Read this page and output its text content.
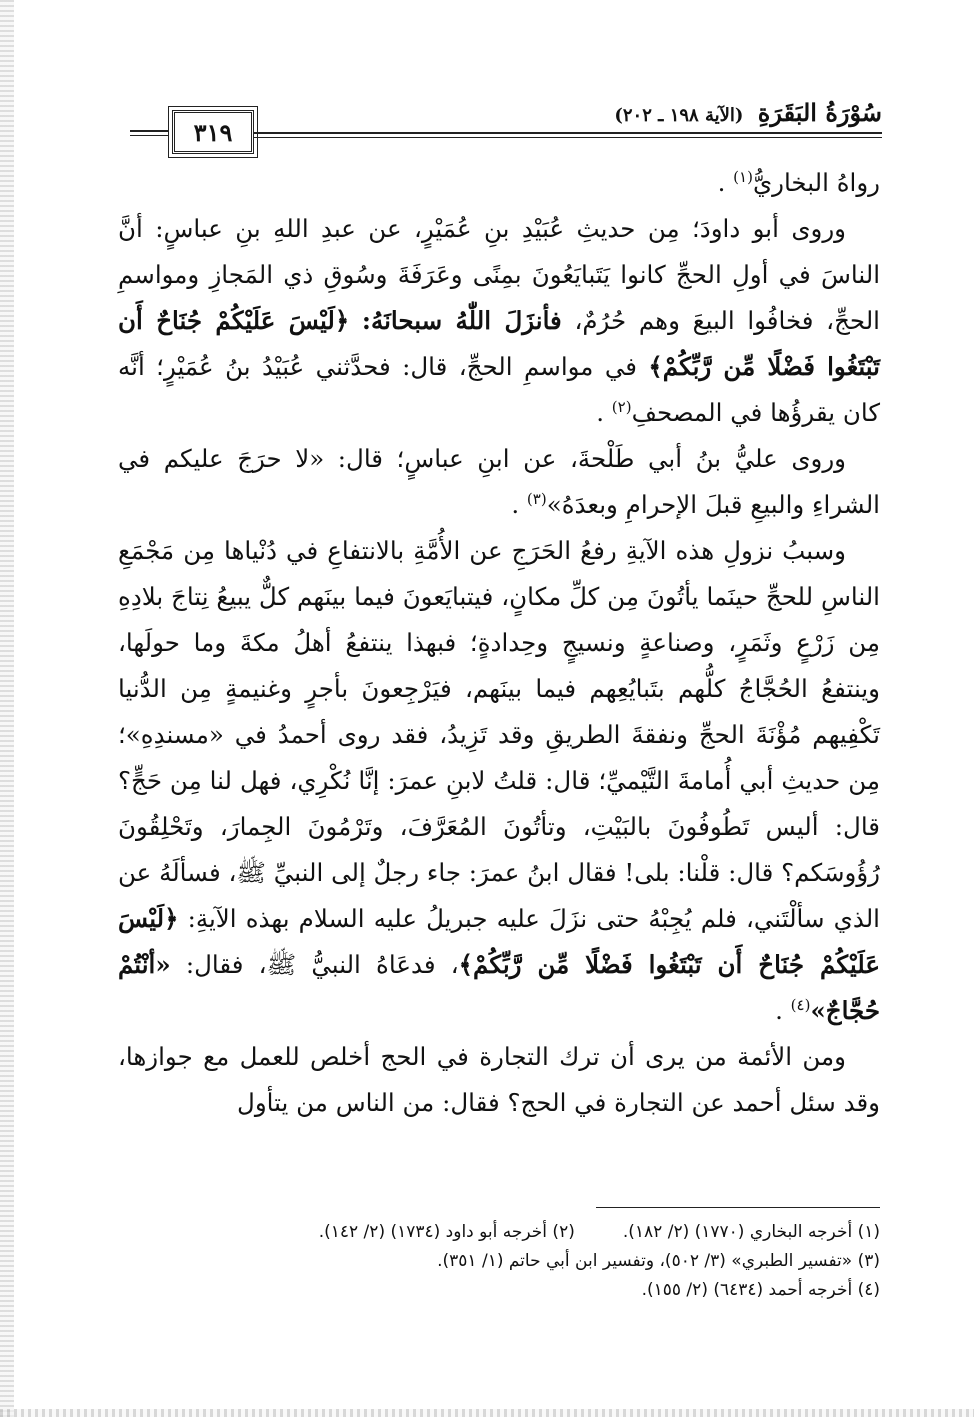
سُوْرَةُ البَقَرَةِ (الآية ١٩٨ ـ ٢٠٢)
٣١٩

رواهُ البخاريُّ$^{(١)}$ .

وروى أبو داودَ؛ مِن حديثِ عُبَيْدِ بنِ عُمَيْرٍ، عن عبدِ اللهِ بنِ عباسٍ: أنَّ الناسَ في أولِ الحجِّ كانوا يَتَبايَعُونَ بمِنًى وعَرَفَةَ وسُوقِ ذي المَجازِ ومواسمِ الحجِّ، فخافُوا البيعَ وهم حُرُمٌ، فأنزَلَ اللّٰهُ سبحانَهُ: ﴿لَيْسَ عَلَيْكُمْ جُنَاحٌ أَن تَبْتَغُوا فَضْلًا مِّن رَّبِّكُمْ﴾ في مواسمِ الحجِّ، قال: فحدَّثني عُبَيْدُ بنُ عُمَيْرٍ؛ أنَّه كان يقرؤُها في المصحفِ$^{(٢)}$ .

وروى عليُّ بنُ أبي طَلْحةَ، عن ابنِ عباسٍ؛ قال: «لا حرَجَ عليكم في الشراءِ والبيعِ قبلَ الإحرامِ وبعدَهُ»$^{(٣)}$ .

وسببُ نزولِ هذه الآيةِ رفعُ الحَرَجِ عن الأُمَّةِ بالانتفاعِ في دُنْياها مِن مَجْمَعِ الناسِ للحجِّ حينَما يأتُونَ مِن كلِّ مكانٍ، فيتبايَعونَ فيما بينَهم كلٌّ يبيعُ نِتاجَ بلادِهِ مِن زَرْعٍ وثَمَرٍ، وصناعةٍ ونسيجٍ وحِدادةٍ؛ فبهذا ينتفعُ أهلُ مكةَ وما حولَها، وينتفعُ الحُجَّاجُ كلُّهم بتَبايُعِهم فيما بينَهم، فيَرْجِعونَ بأجرٍ وغنيمةٍ مِن الدُّنيا تَكْفِيهم مُؤْنَةَ الحجِّ ونفقةَ الطريقِ وقد تَزِيدُ، فقد روى أحمدُ في «مسندِهِ»؛ مِن حديثِ أبي أُمامةَ التَّيْميِّ؛ قال: قلتُ لابنِ عمرَ: إنَّا نُكْرِي، فهل لنا مِن حَجٍّ؟ قال: أليس تَطُوفُونَ بالبَيْتِ، وتأتُونَ المُعَرَّفَ، وتَرْمُونَ الجِمارَ، وتَحْلِقُونَ رُؤُوسَكم؟ قال: قلْنا: بلى! فقال ابنُ عمرَ: جاء رجلٌ إلى النبيِّ ﷺ، فسألَهُ عن الذي سألْتَني، فلم يُجِبْهُ حتى نزَلَ عليه جبريلُ عليه السلام بهذه الآيةِ: ﴿لَيْسَ عَلَيْكُمْ جُنَاحٌ أَن تَبْتَغُوا فَضْلًا مِّن رَّبِّكُمْ﴾، فدعَاهُ النبيُّ ﷺ، فقال: «أنْتُمْ حُجَّاجٌ»$^{(٤)}$ .

ومن الأئمة من يرى أن ترك التجارة في الحج أخلص للعمل مع جوازها، وقد سئل أحمد عن التجارة في الحج؟ فقال: من الناس من يتأول

(١) أخرجه البخاري (١٧٧٠) (٢/ ١٨٢).(٢) أخرجه أبو داود (١٧٣٤) (٢/ ١٤٢).
(٣) «تفسير الطبري» (٣/ ٥٠٢)، وتفسير ابن أبي حاتم (١/ ٣٥١).
(٤) أخرجه أحمد (٦٤٣٤) (٢/ ١٥٥).
